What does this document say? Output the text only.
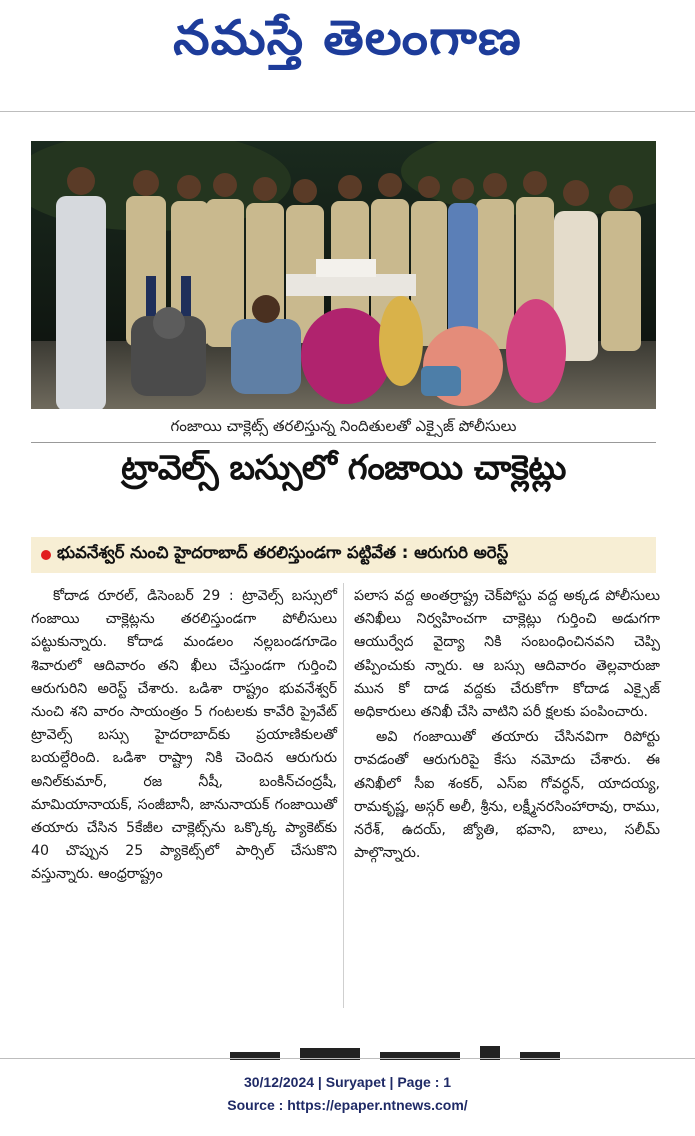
నమస్తే తెలంగాణ
గంజాయి చాక్లెట్స్ తరలిస్తున్న నిందితులతో ఎక్సైజ్ పోలీసులు
ట్రావెల్స్ బస్సులో గంజాయి చాక్లెట్లు
భువనేశ్వర్ నుంచి హైదరాబాద్ తరలిస్తుండగా పట్టివేత : ఆరుగురి అరెస్ట్

కోదాడ రూరల్, డిసెంబర్ 29 : ట్రావెల్స్ బస్సులో గంజాయి చాక్లెట్లను తరలిస్తుండగా పోలీసులు పట్టుకున్నారు. కోదాడ మండలం నల్లబండగూడెం శివారులో ఆదివారం తని ఖీలు చేస్తుండగా గుర్తించి ఆరుగురిని అరెస్ట్ చేశారు. ఒడిశా రాష్ట్రం భువనేశ్వర్ నుంచి శని వారం సాయంత్రం 5 గంటలకు కావేరి ప్రైవేట్ ట్రావెల్స్ బస్సు హైదరాబాద్‌కు ప్రయాణికులతో బయల్దేరింది. ఒడిశా రాష్ట్రా నికి చెందిన ఆరుగురు అనిల్‌కుమార్, రజ నీషీ, బంకిన్‌చంద్రషీ, మామియానాయక్, సంజీబానీ, జానునాయక్ గంజాయితో తయారు చేసిన 5కేజీల చాక్లెట్స్‌ను ఒక్కొక్క ప్యాకెట్‌కు 40 చొప్పున 25 ప్యాకెట్స్‌లో పార్సిల్ చేసుకొని వస్తున్నారు. ఆంధ్రరాష్ట్రం

పలాస వద్ద అంతర్రాష్ట్ర చెక్‌పోస్టు వద్ద అక్కడ పోలీసులు తనిఖీలు నిర్వహించగా చాక్లెట్లు గుర్తించి అడుగగా ఆయుర్వేద వైద్యా నికి సంబంధించినవని చెప్పి తప్పించుకు న్నారు. ఆ బస్సు ఆదివారం తెల్లవారుజా మున కో దాడ వద్దకు చేరుకోగా కోదాడ ఎక్సైజ్ అధికారులు తనిఖీ చేసి వాటిని పరీ క్షలకు పంపించారు.

అవి గంజాయితో తయారు చేసినవిగా రిపోర్టు రావడంతో ఆరుగురిపై కేసు నమోదు చేశారు. ఈ తనిఖీలో సీఐ శంకర్, ఎస్ఐ గోవర్ధన్, యాదయ్య, రామకృష్ణ, అస్గర్ అలీ, శ్రీను, లక్ష్మీనరసింహారావు, రాము, నరేశ్, ఉదయ్, జ్యోతి, భవాని, బాలు, సలీమ్ పాల్గొన్నారు.

30/12/2024 | Suryapet | Page : 1
Source : https://epaper.ntnews.com/
